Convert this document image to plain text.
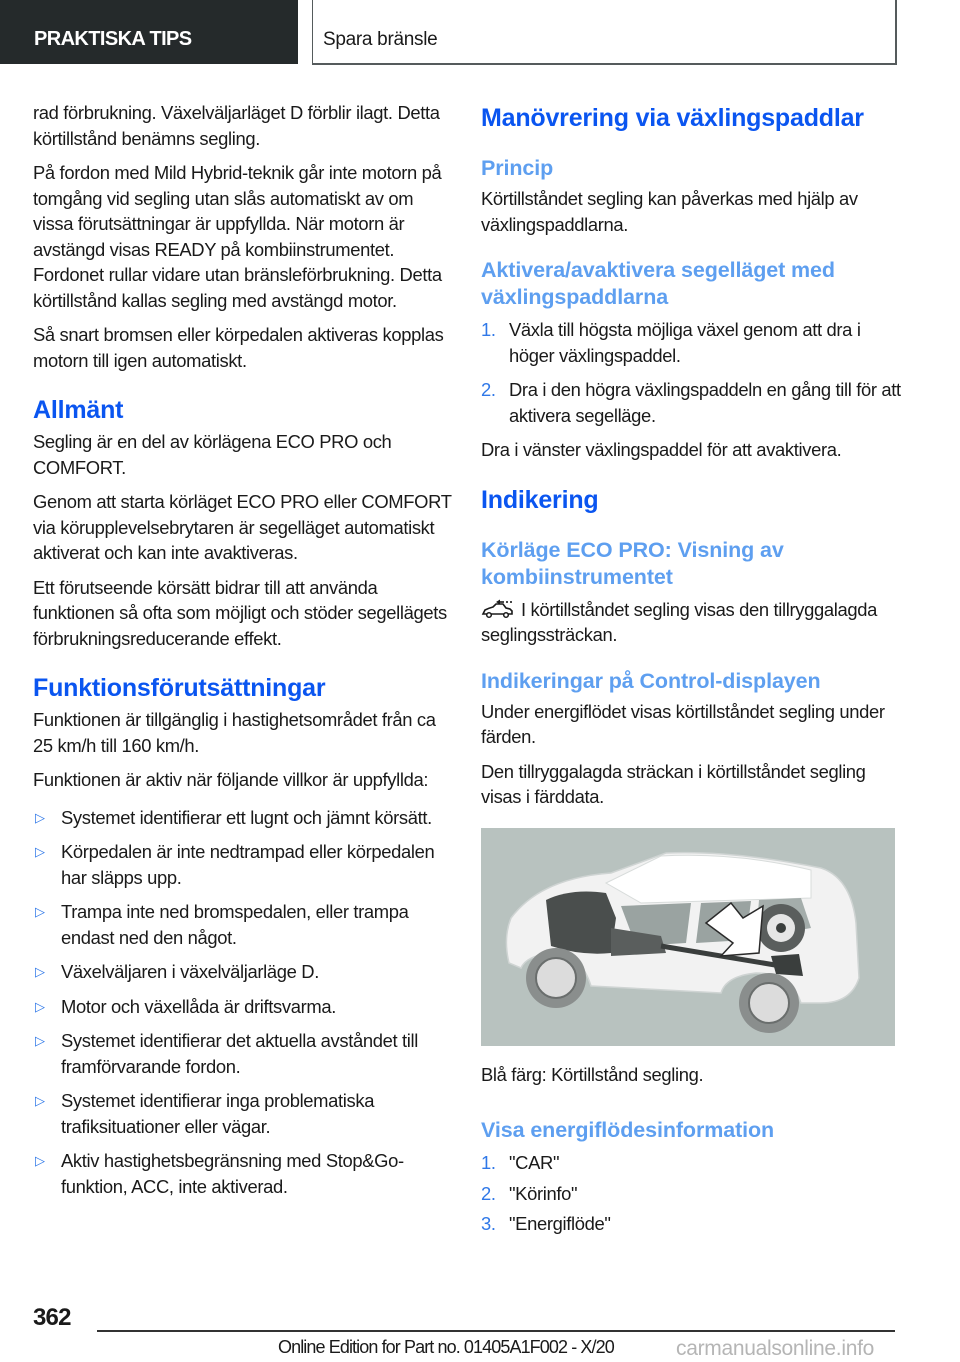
PRAKTISKA TIPS	Spara bränsle

rad förbrukning. Växelväljarläget D förblir ilagt. Detta körtillstånd benämns segling.

På fordon med Mild Hybrid-teknik går inte motorn på tomgång vid segling utan slås automatiskt av om vissa förutsättningar är uppfyllda. När motorn är avstängd visas READY på kombiinstrumentet. Fordonet rullar vidare utan bränsleförbrukning. Detta körtillstånd kallas segling med avstängd motor.

Så snart bromsen eller körpedalen aktiveras kopplas motorn till igen automatiskt.

Allmänt

Segling är en del av körlägena ECO PRO och COMFORT.

Genom att starta körläget ECO PRO eller COMFORT via körupplevelsebrytaren är segelläget automatiskt aktiverat och kan inte avaktiveras.

Ett förutseende körsätt bidrar till att använda funktionen så ofta som möjligt och stöder segellägets förbrukningsreducerande effekt.

Funktionsförutsättningar

Funktionen är tillgänglig i hastighetsområdet från ca 25 km/h till 160 km/h.

Funktionen är aktiv när följande villkor är uppfyllda:

▷ Systemet identifierar ett lugnt och jämnt körsätt.
▷ Körpedalen är inte nedtrampad eller körpedalen har släpps upp.
▷ Trampa inte ned bromspedalen, eller trampa endast ned den något.
▷ Växelväljaren i växelväljarläge D.
▷ Motor och växellåda är driftsvarma.
▷ Systemet identifierar det aktuella avståndet till framförvarande fordon.
▷ Systemet identifierar inga problematiska trafiksituationer eller vägar.
▷ Aktiv hastighetsbegränsning med Stop&Go-funktion, ACC, inte aktiverad.
Manövrering via växlingspaddlar
Princip

Körtillståndet segling kan påverkas med hjälp av växlingspaddlarna.

Aktivera/avaktivera segelläget med växlingspaddlarna
1. Växla till högsta möjliga växel genom att dra i höger växlingspaddel.
2. Dra i den högra växlingspaddeln en gång till för att aktivera segelläge.

Dra i vänster växlingspaddel för att avaktivera.

Indikering
Körläge ECO PRO: Visning av kombiinstrumentet

I körtillståndet segling visas den tillryggalagda seglingssträckan.

Indikeringar på Control-displayen

Under energiflödet visas körtillståndet segling under färden.

Den tillryggalagda sträckan i körtillståndet segling visas i färddata.

Blå färg: Körtillstånd segling.

Visa energiflödesinformation
1. "CAR"
2. "Körinfo"
3. "Energiflöde"
362
Online Edition for Part no. 01405A1F002 - X/20	carmanualsonline.info
